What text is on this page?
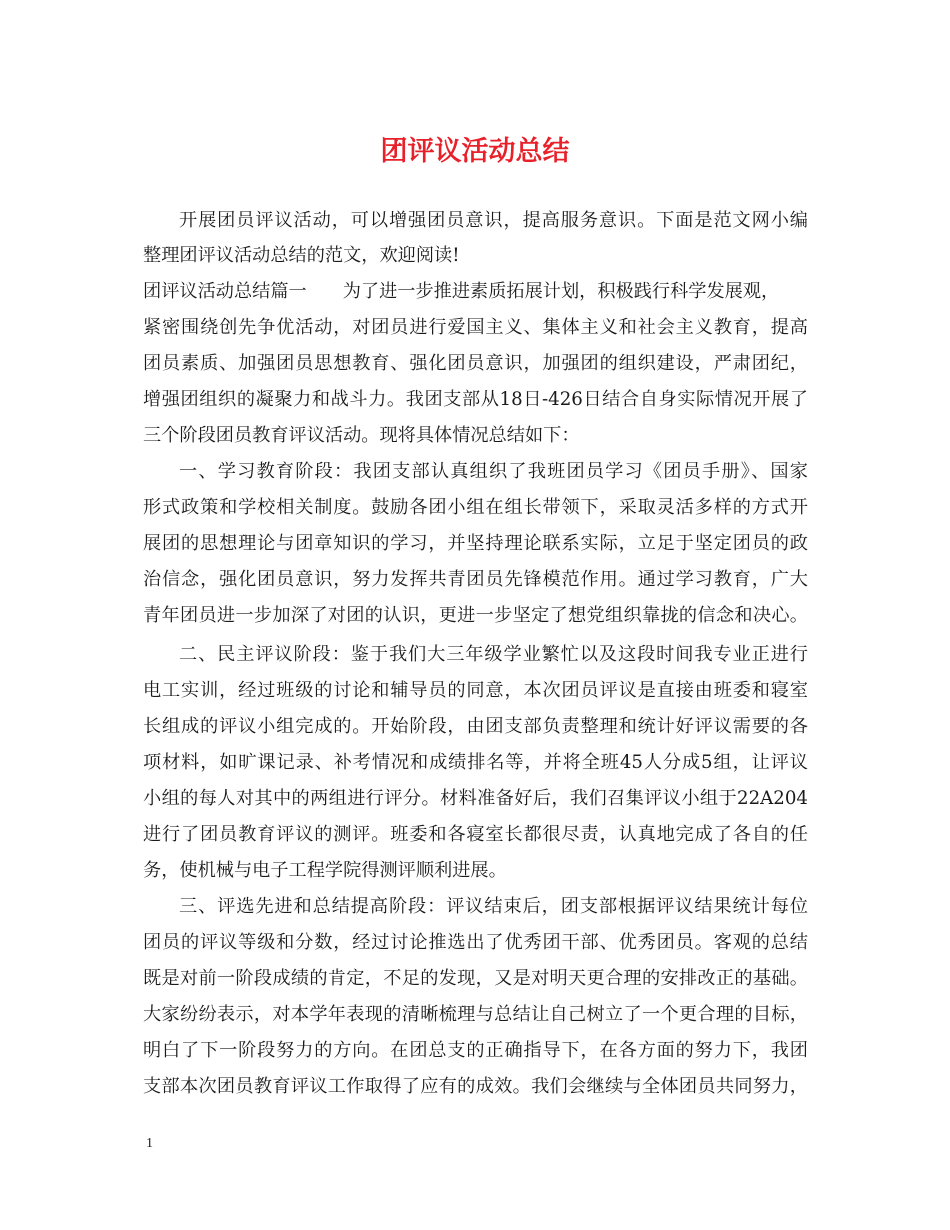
团评议活动总结
开展团员评议活动，可以增强团员意识，提高服务意识。下面是范文网小编
整理团评议活动总结的范文，欢迎阅读!
团评议活动总结篇一 为了进一步推进素质拓展计划，积极践行科学发展观，
紧密围绕创先争优活动，对团员进行爱国主义、集体主义和社会主义教育，提高
团员素质、加强团员思想教育、强化团员意识，加强团的组织建设，严肃团纪，
增强团组织的凝聚力和战斗力。我团支部从18日-426日结合自身实际情况开展了
三个阶段团员教育评议活动。现将具体情况总结如下：
一、学习教育阶段：我团支部认真组织了我班团员学习《团员手册》、国家
形式政策和学校相关制度。鼓励各团小组在组长带领下，采取灵活多样的方式开
展团的思想理论与团章知识的学习，并坚持理论联系实际，立足于坚定团员的政
治信念，强化团员意识，努力发挥共青团员先锋模范作用。通过学习教育，广大
青年团员进一步加深了对团的认识，更进一步坚定了想党组织靠拢的信念和决心。
二、民主评议阶段：鉴于我们大三年级学业繁忙以及这段时间我专业正进行
电工实训，经过班级的讨论和辅导员的同意，本次团员评议是直接由班委和寝室
长组成的评议小组完成的。开始阶段，由团支部负责整理和统计好评议需要的各
项材料，如旷课记录、补考情况和成绩排名等，并将全班45人分成5组，让评议
小组的每人对其中的两组进行评分。材料准备好后，我们召集评议小组于22A204
进行了团员教育评议的测评。班委和各寝室长都很尽责，认真地完成了各自的任
务，使机械与电子工程学院得测评顺利进展。
三、评选先进和总结提高阶段：评议结束后，团支部根据评议结果统计每位
团员的评议等级和分数，经过讨论推选出了优秀团干部、优秀团员。客观的总结
既是对前一阶段成绩的肯定，不足的发现，又是对明天更合理的安排改正的基础。
大家纷纷表示，对本学年表现的清晰梳理与总结让自己树立了一个更合理的目标，
明白了下一阶段努力的方向。在团总支的正确指导下，在各方面的努力下，我团
支部本次团员教育评议工作取得了应有的成效。我们会继续与全体团员共同努力，
1
